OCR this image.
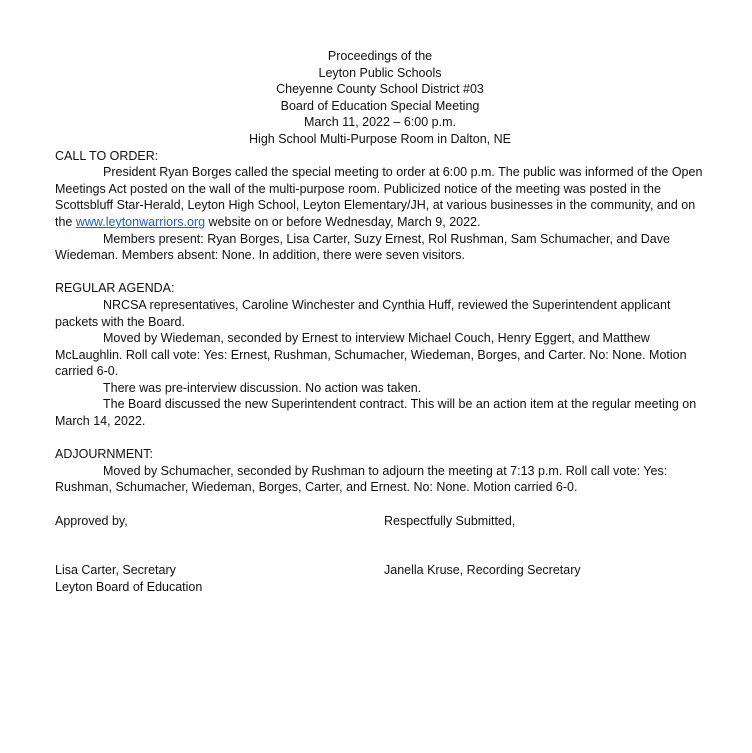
Proceedings of the
Leyton Public Schools
Cheyenne County School District #03
Board of Education Special Meeting
March 11, 2022 – 6:00 p.m.
High School Multi-Purpose Room in Dalton, NE

CALL TO ORDER:

President Ryan Borges called the special meeting to order at 6:00 p.m. The public was informed of the Open Meetings Act posted on the wall of the multi-purpose room. Publicized notice of the meeting was posted in the Scottsbluff Star-Herald, Leyton High School, Leyton Elementary/JH, at various businesses in the community, and on the www.leytonwarriors.org website on or before Wednesday, March 9, 2022.

Members present: Ryan Borges, Lisa Carter, Suzy Ernest, Rol Rushman, Sam Schumacher, and Dave Wiedeman. Members absent: None. In addition, there were seven visitors.

REGULAR AGENDA:

NRCSA representatives, Caroline Winchester and Cynthia Huff, reviewed the Superintendent applicant packets with the Board.

Moved by Wiedeman, seconded by Ernest to interview Michael Couch, Henry Eggert, and Matthew McLaughlin. Roll call vote: Yes: Ernest, Rushman, Schumacher, Wiedeman, Borges, and Carter. No: None. Motion carried 6-0.

There was pre-interview discussion. No action was taken.

The Board discussed the new Superintendent contract. This will be an action item at the regular meeting on March 14, 2022.

ADJOURNMENT:

Moved by Schumacher, seconded by Rushman to adjourn the meeting at 7:13 p.m. Roll call vote: Yes: Rushman, Schumacher, Wiedeman, Borges, Carter, and Ernest. No: None. Motion carried 6-0.

Approved by,	Respectfully Submitted,
Lisa Carter, Secretary	Janella Kruse, Recording Secretary
Leyton Board of Education
